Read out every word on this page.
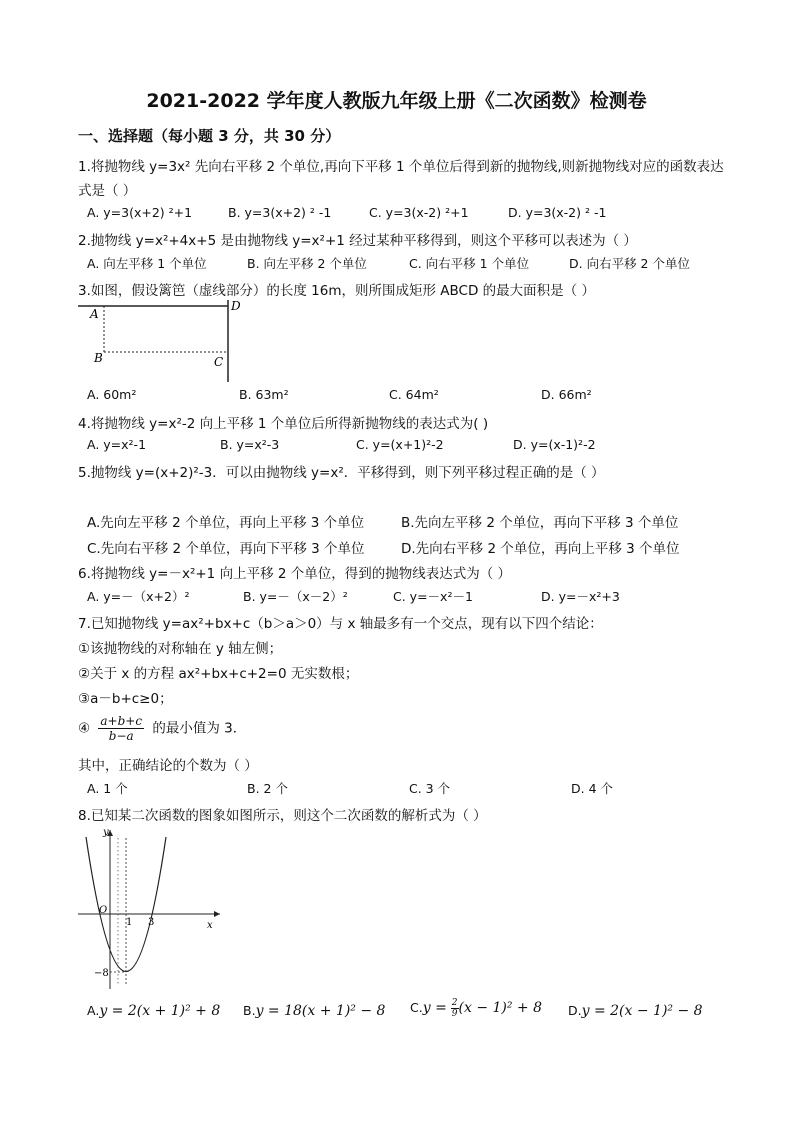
2021-2022 学年度人教版九年级上册《二次函数》检测卷
一、选择题（每小题 3 分，共 30 分）
1.将抛物线 y=3x² 先向右平移 2 个单位,再向下平移 1 个单位后得到新的抛物线,则新抛物线对应的函数表达
式是（ ）
A. y=3(x+2) ²+1	B. y=3(x+2) ² -1	C. y=3(x-2) ²+1	D. y=3(x-2) ² -1
2.抛物线 y=x²+4x+5 是由抛物线 y=x²+1 经过某种平移得到，则这个平移可以表述为（ ）
A. 向左平移 1 个单位	B. 向左平移 2 个单位	C. 向右平移 1 个单位	D. 向右平移 2 个单位
3.如图，假设篱笆（虚线部分）的长度 16m，则所围成矩形 ABCD 的最大面积是（ ）
A
B	C
D
A. 60m²	B. 63m²	C. 64m²	D. 66m²
4.将抛物线 y=x²-2 向上平移 1 个单位后所得新抛物线的表达式为( )
A. y=x²-1	B. y=x²-3	C. y=(x+1)²-2	D. y=(x-1)²-2
5.抛物线 y=(x+2)²-3．可以由抛物线 y=x²．平移得到，则下列平移过程正确的是（ ）
A.先向左平移 2 个单位，再向上平移 3 个单位	B.先向左平移 2 个单位，再向下平移 3 个单位
C.先向右平移 2 个单位，再向下平移 3 个单位	D.先向右平移 2 个单位，再向上平移 3 个单位
6.将抛物线 y=－x²+1 向上平移 2 个单位，得到的抛物线表达式为（ ）
A. y=－（x+2）²	B. y=－（x－2）²	C. y=－x²－1	D. y=－x²+3
7.已知抛物线 y=ax²+bx+c（b＞a＞0）与 x 轴最多有一个交点，现有以下四个结论：
①该抛物线的对称轴在 y 轴左侧；
②关于 x 的方程 ax²+bx+c+2=0 无实数根；
③a－b+c≥0；
④ $\frac{a+b+c}{b-a}$ 的最小值为 3．
其中，正确结论的个数为（ ）
A. 1 个	B. 2 个	C. 3 个	D. 4 个
8.已知某二次函数的图象如图所示，则这个二次函数的解析式为（ ）
y
x
O
1 3
−8
A.y = 2(x + 1)² + 8 B.y = 18(x + 1)² − 8 $C.y = \frac{2}{9} (x - 1)^2 + 8$ D.y = 2(x − 1)² − 8
